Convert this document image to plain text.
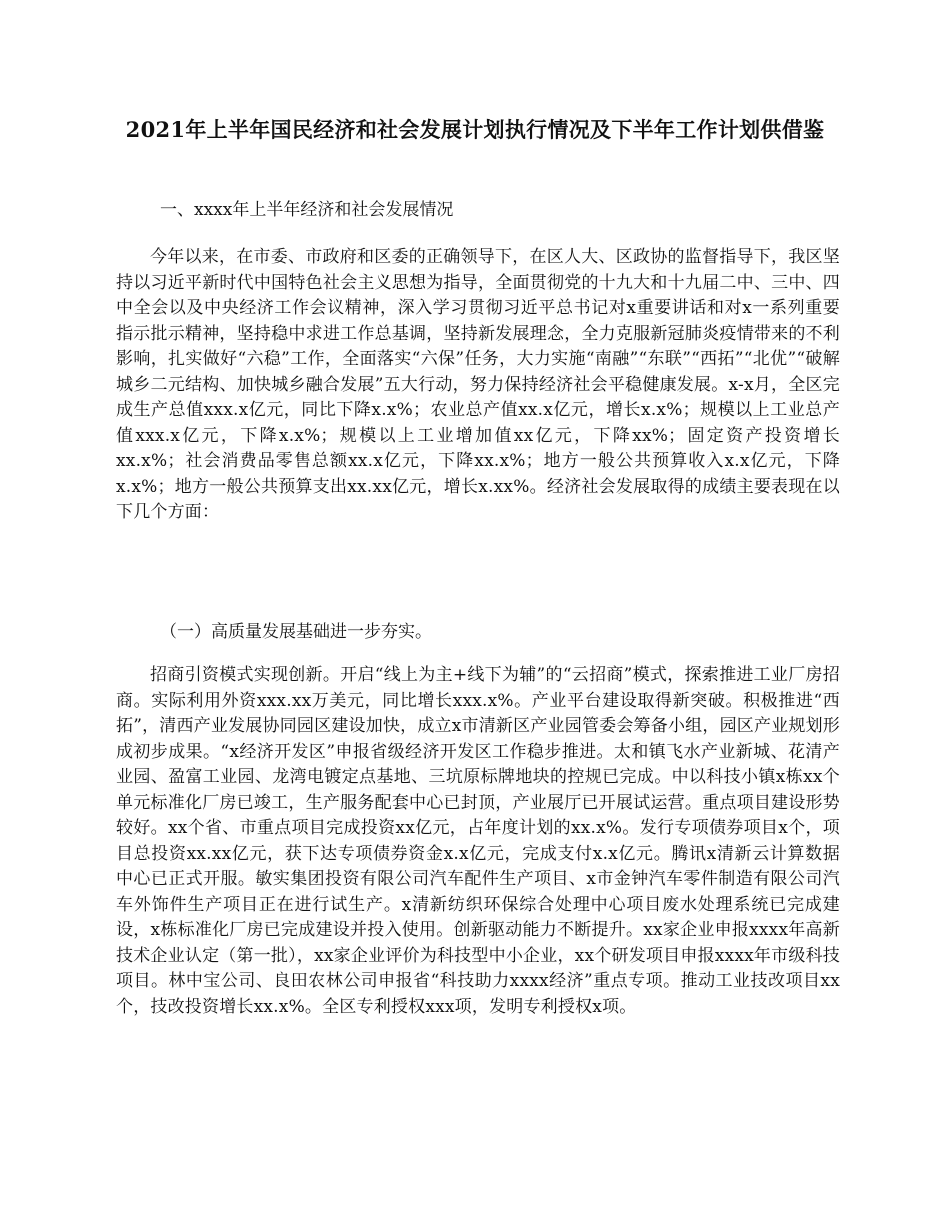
2021年上半年国民经济和社会发展计划执行情况及下半年工作计划供借鉴

一、xxxx年上半年经济和社会发展情况

今年以来，在市委、市政府和区委的正确领导下，在区人大、区政协的监督指导下，我区坚持以习近平新时代中国特色社会主义思想为指导，全面贯彻党的十九大和十九届二中、三中、四中全会以及中央经济工作会议精神，深入学习贯彻习近平总书记对x重要讲话和对x一系列重要指示批示精神，坚持稳中求进工作总基调，坚持新发展理念，全力克服新冠肺炎疫情带来的不利影响，扎实做好“六稳”工作，全面落实“六保”任务，大力实施“南融”“东联”“西拓”“北优”“破解城乡二元结构、加快城乡融合发展”五大行动，努力保持经济社会平稳健康发展。x-x月，全区完成生产总值xxx.x亿元，同比下降x.x%；农业总产值xx.x亿元，增长x.x%；规模以上工业总产值xxx.x亿元，下降x.x%；规模以上工业增加值xx亿元，下降xx%；固定资产投资增长xx.x%；社会消费品零售总额xx.x亿元，下降xx.x%；地方一般公共预算收入x.x亿元，下降x.x%；地方一般公共预算支出xx.xx亿元，增长x.xx%。经济社会发展取得的成绩主要表现在以下几个方面：

（一）高质量发展基础进一步夯实。

招商引资模式实现创新。开启“线上为主+线下为辅”的“云招商”模式，探索推进工业厂房招商。实际利用外资xxx.xx万美元，同比增长xxx.x%。产业平台建设取得新突破。积极推进“西拓”，清西产业发展协同园区建设加快，成立x市清新区产业园管委会筹备小组，园区产业规划形成初步成果。“x经济开发区”申报省级经济开发区工作稳步推进。太和镇飞水产业新城、花清产业园、盈富工业园、龙湾电镀定点基地、三坑原标牌地块的控规已完成。中以科技小镇x栋xx个单元标准化厂房已竣工，生产服务配套中心已封顶，产业展厅已开展试运营。重点项目建设形势较好。xx个省、市重点项目完成投资xx亿元，占年度计划的xx.x%。发行专项债券项目x个，项目总投资xx.xx亿元，获下达专项债券资金x.x亿元，完成支付x.x亿元。腾讯x清新云计算数据中心已正式开服。敏实集团投资有限公司汽车配件生产项目、x市金钟汽车零件制造有限公司汽车外饰件生产项目正在进行试生产。x清新纺织环保综合处理中心项目废水处理系统已完成建设，x栋标准化厂房已完成建设并投入使用。创新驱动能力不断提升。xx家企业申报xxxx年高新技术企业认定（第一批），xx家企业评价为科技型中小企业，xx个研发项目申报xxxx年市级科技项目。林中宝公司、良田农林公司申报省“科技助力xxxx经济”重点专项。推动工业技改项目xx个，技改投资增长xx.x%。全区专利授权xxx项，发明专利授权x项。
